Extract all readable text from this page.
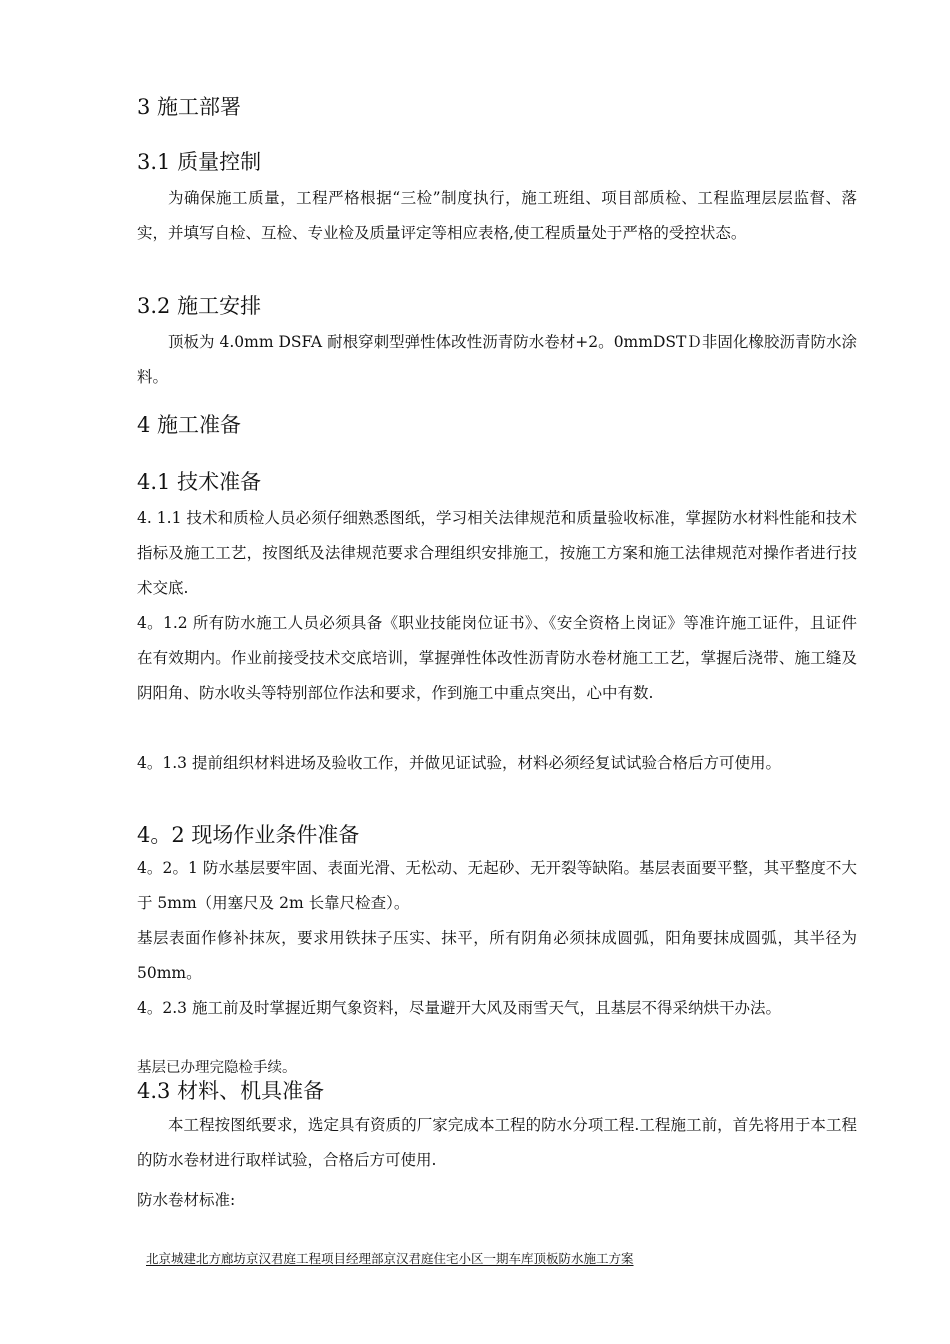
3 施工部署
3.1 质量控制

为确保施工质量，工程严格根据“三检”制度执行，施工班组、项目部质检、工程监理层层监督、落实，并填写自检、互检、专业检及质量评定等相应表格,使工程质量处于严格的受控状态。

3.2 施工安排

顶板为 4.0mm DSFA 耐根穿刺型弹性体改性沥青防水卷材+2。0mmDSTＤ非固化橡胶沥青防水涂料。

4 施工准备
4.1 技术准备

4. 1.1 技术和质检人员必须仔细熟悉图纸，学习相关法律规范和质量验收标准，掌握防水材料性能和技术指标及施工工艺，按图纸及法律规范要求合理组织安排施工，按施工方案和施工法律规范对操作者进行技术交底.

4。1.2 所有防水施工人员必须具备《职业技能岗位证书》、《安全资格上岗证》等准许施工证件，且证件在有效期内。作业前接受技术交底培训，掌握弹性体改性沥青防水卷材施工工艺，掌握后浇带、施工缝及阴阳角、防水收头等特别部位作法和要求，作到施工中重点突出，心中有数.

4。1.3 提前组织材料进场及验收工作，并做见证试验，材料必须经复试试验合格后方可使用。

4。2 现场作业条件准备

4。2。1 防水基层要牢固、表面光滑、无松动、无起砂、无开裂等缺陷。基层表面要平整，其平整度不大于 5mm（用塞尺及 2m 长靠尺检查）。

基层表面作修补抹灰，要求用铁抹子压实、抹平，所有阴角必须抹成圆弧，阳角要抹成圆弧，其半径为 50mm。

4。2.3 施工前及时掌握近期气象资料，尽量避开大风及雨雪天气，且基层不得采纳烘干办法。

基层已办理完隐检手续。

4.3 材料、机具准备

本工程按图纸要求，选定具有资质的厂家完成本工程的防水分项工程.工程施工前，首先将用于本工程的防水卷材进行取样试验，合格后方可使用.

防水卷材标准:

北京城建北方廊坊京汉君庭工程项目经理部京汉君庭住宅小区一期车库顶板防水施工方案
